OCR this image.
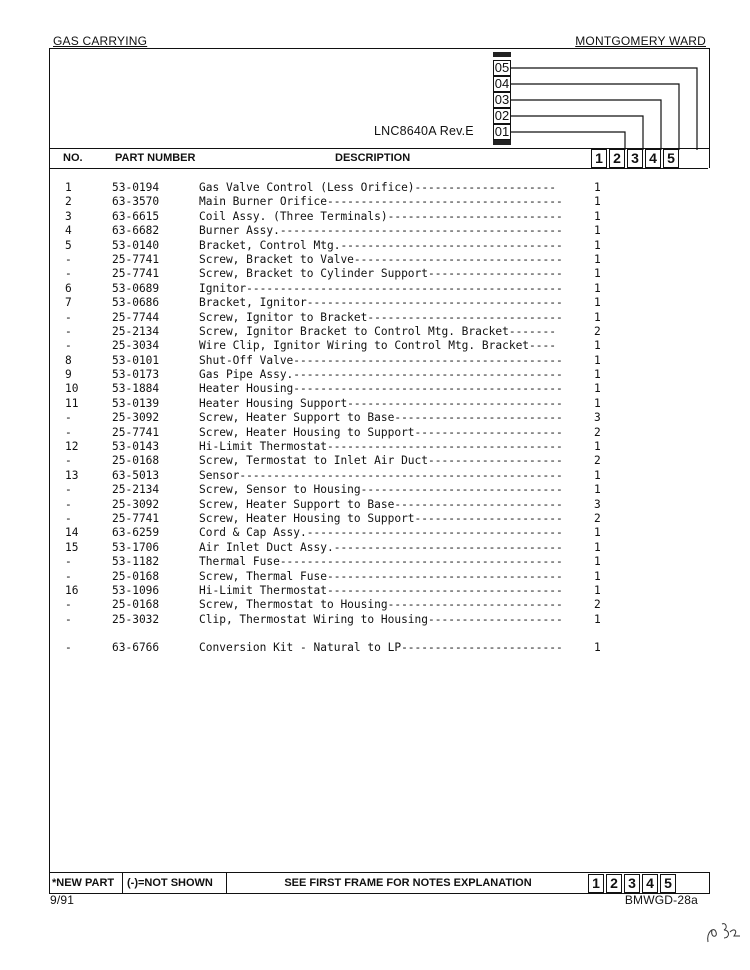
GAS CARRYING	MONTGOMERY WARD
05
04
03
02
01
LNC8640A Rev.E
NO.	PART NUMBER	DESCRIPTION	1 2 3 4 5
1	53-0194	Gas Valve Control (Less Orifice)---------------------	1
2	63-3570	Main Burner Orifice-----------------------------------	1
3	63-6615	Coil Assy. (Three Terminals)--------------------------	1
4	63-6682	Burner Assy.------------------------------------------	1
5	53-0140	Bracket, Control Mtg.---------------------------------	1
-	25-7741	Screw, Bracket to Valve-------------------------------	1
-	25-7741	Screw, Bracket to Cylinder Support--------------------	1
6	53-0689	Ignitor-----------------------------------------------	1
7	53-0686	Bracket, Ignitor--------------------------------------	1
-	25-7744	Screw, Ignitor to Bracket-----------------------------	1
-	25-2134	Screw, Ignitor Bracket to Control Mtg. Bracket-------	2
-	25-3034	Wire Clip, Ignitor Wiring to Control Mtg. Bracket----	1
8	53-0101	Shut-Off Valve----------------------------------------	1
9	53-0173	Gas Pipe Assy.----------------------------------------	1
10	53-1884	Heater Housing----------------------------------------	1
11	53-0139	Heater Housing Support--------------------------------	1
-	25-3092	Screw, Heater Support to Base-------------------------	3
-	25-7741	Screw, Heater Housing to Support----------------------	2
12	53-0143	Hi-Limit Thermostat-----------------------------------	1
-	25-0168	Screw, Termostat to Inlet Air Duct--------------------	2
13	63-5013	Sensor------------------------------------------------	1
-	25-2134	Screw, Sensor to Housing------------------------------	1
-	25-3092	Screw, Heater Support to Base-------------------------	3
-	25-7741	Screw, Heater Housing to Support----------------------	2
14	63-6259	Cord & Cap Assy.--------------------------------------	1
15	53-1706	Air Inlet Duct Assy.----------------------------------	1
-	53-1182	Thermal Fuse------------------------------------------	1
-	25-0168	Screw, Thermal Fuse-----------------------------------	1
16	53-1096	Hi-Limit Thermostat-----------------------------------	1
-	25-0168	Screw, Thermostat to Housing--------------------------	2
-	25-3032	Clip, Thermostat Wiring to Housing--------------------	1
-	63-6766	Conversion Kit - Natural to LP------------------------	1
*NEW PART	(-)=NOT SHOWN	SEE FIRST FRAME FOR NOTES EXPLANATION	1 2 3 4 5
9/91	BMWGD-28a
